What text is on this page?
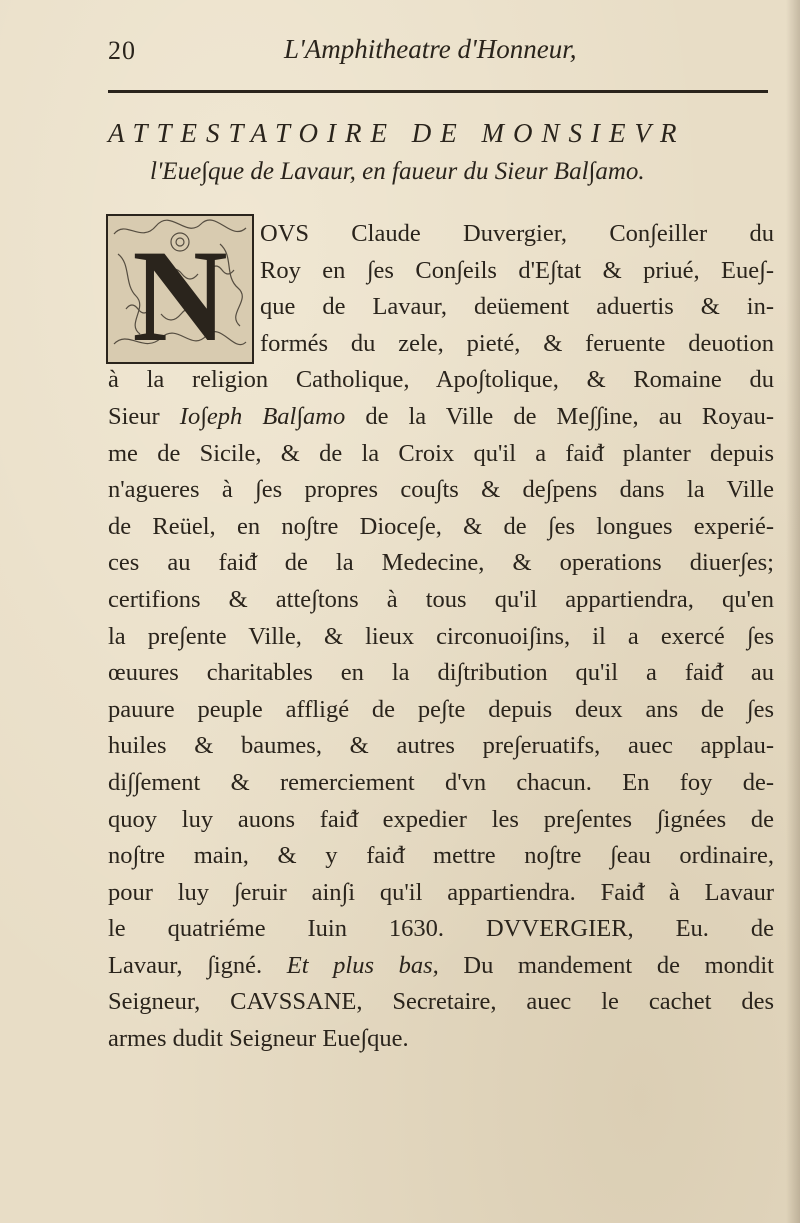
20	L'Amphitheatre d'Honneur,
ATTESTATOIRE DE MONSIEVR
l'Eue∫que de Lavaur, en faueur du Sieur Bal∫amo.
N	OVS Claude Duvergier, Con∫eiller du
Roy en ∫es Con∫eils d'E∫tat & priué, Eue∫-
que de Lavaur, deüement aduertis & in-
formés du zele, pieté, & feruente deuotion
à la religion Catholique, Apo∫tolique, & Romaine du
Sieur Io∫eph Bal∫amo de la Ville de Me∫∫ine, au Royau-
me de Sicile, & de la Croix qu'il a faiᵭ planter depuis
n'agueres à ∫es propres cou∫ts & de∫pens dans la Ville
de Reüel, en no∫tre Dioce∫e, & de ∫es longues experié-
ces au faiᵭ de la Medecine, & operations diuer∫es;
certifions & atte∫tons à tous qu'il appartiendra, qu'en
la pre∫ente Ville, & lieux circonuoi∫ins, il a exercé ∫es
œuures charitables en la di∫tribution qu'il a faiᵭ au
pauure peuple affligé de pe∫te depuis deux ans de ∫es
huiles & baumes, & autres pre∫eruatifs, auec applau-
di∫∫ement & remerciement d'vn chacun. En foy de-
quoy luy auons faiᵭ expedier les pre∫entes ∫ignées de
no∫tre main, & y faiᵭ mettre no∫tre ∫eau ordinaire,
pour luy ∫eruir ain∫i qu'il appartiendra. Faiᵭ à Lavaur
le quatriéme Iuin 1630. DVVERGIER, Eu. de
Lavaur, ∫igné. Et plus bas, Du mandement de mondit
Seigneur, CAVSSANE, Secretaire, auec le cachet des
armes dudit Seigneur Eue∫que.
